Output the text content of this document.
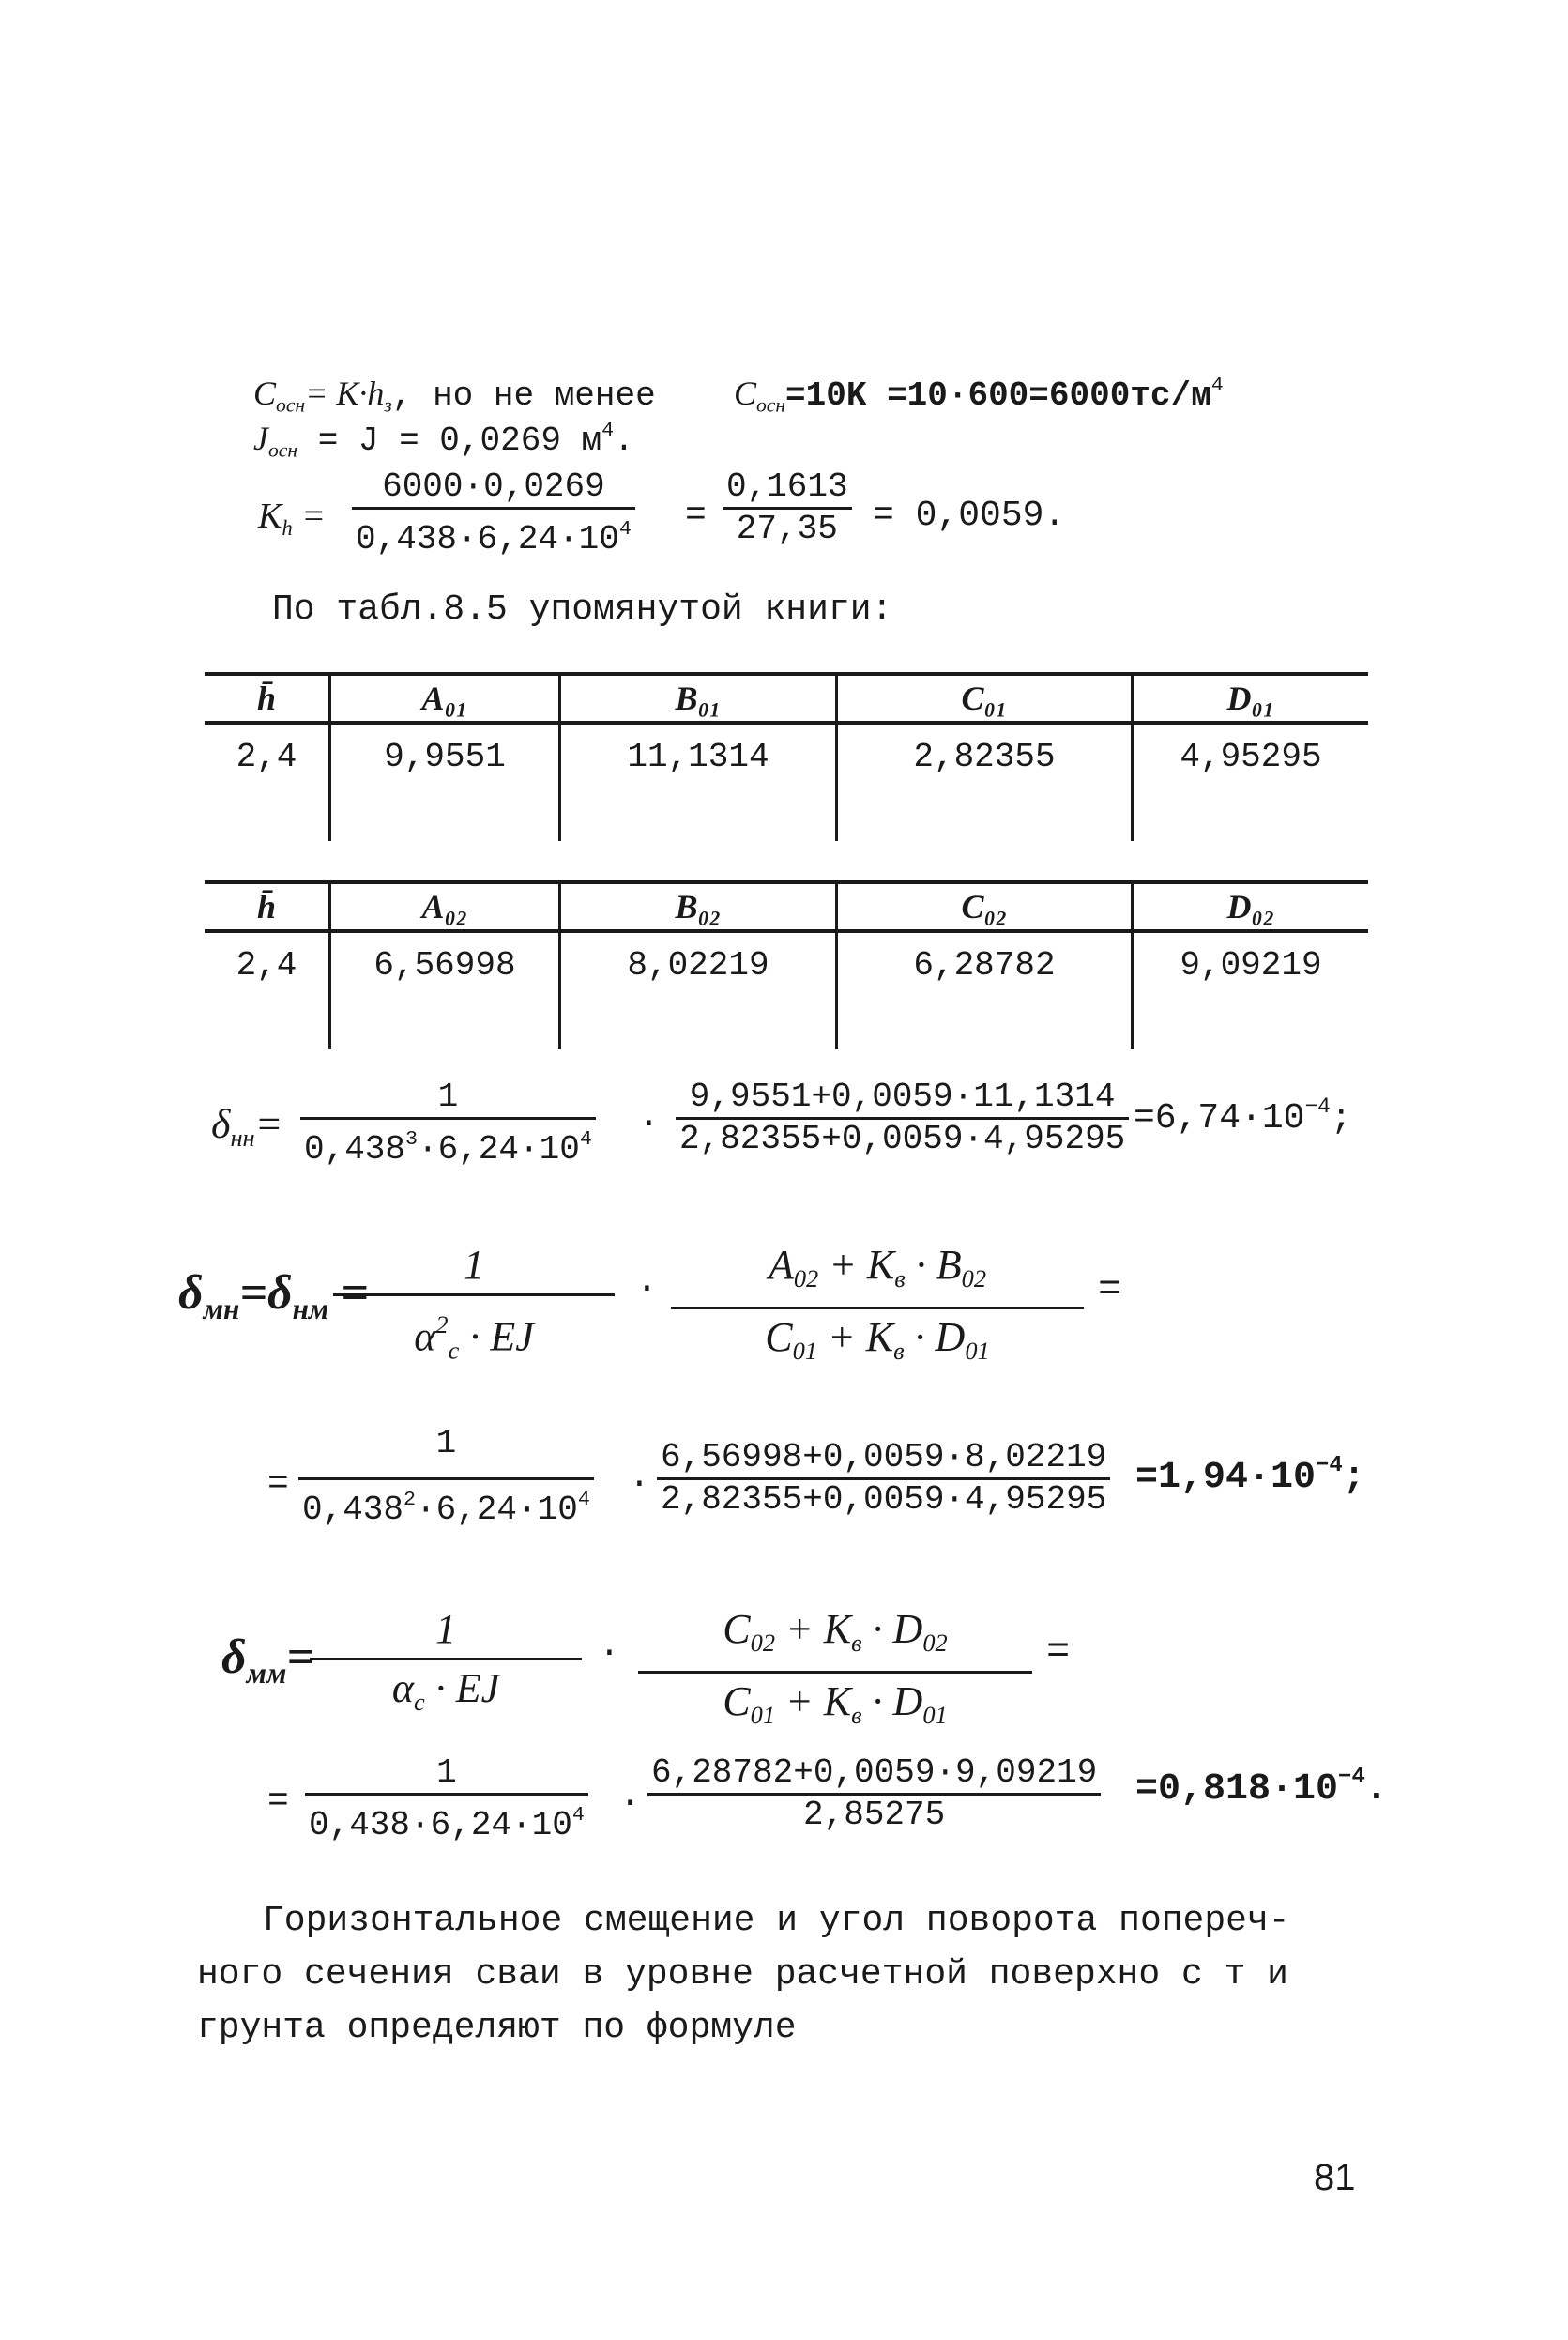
$C_{осн}= K\cdot h_з$, но не менее $C_{осн}=10K =10\cdot 600=6000тс/м^4$
$J_{осн} = J = 0,0269$ $м^4$.
$K_h = \frac{6000\cdot 0,0269}{0,438\cdot 6,24\cdot 10^4} = \frac{0,1613}{27,35} = 0,0059$.
По табл.8.5 упомянутой книги:
h̄	A₀₁	B₀₁	C₀₁	D₀₁
2,4	9,9551	11,1314	2,82355	4,95295
h̄	A₀₂	B₀₂	C₀₂	D₀₂
2,4	6,56998	8,02219	6,28782	9,09219
$\delta_{нн}= \frac{1}{0,438^3\cdot 6,24\cdot 10^4} \cdot \frac{9,9551+0,0059\cdot 11,1314}{2,82355+0,0059\cdot 4,95295} =6,74\cdot 10^{-4}$;
$\delta_{мн}=\delta_{нм}$ =
$\frac{1}{\alpha^2_c \cdot EJ}$ ·
$A_{02} + K_в \cdot B_{02}$
$C_{01} + K_в \cdot D_{01}$
=
= $\frac{1}{0,438^2\cdot 6,24\cdot 10^4} \cdot \frac{6,56998+0,0059\cdot 8,02219}{2,82355+0,0059\cdot 4,95295} =1,94\cdot 10^{-4}$;
$\delta_{мм}=$
$\frac{1}{\alpha_c \cdot EJ}$ ·
$C_{02} + K_в \cdot D_{02}$
$C_{01} + K_в \cdot D_{01}$
=
= $\frac{1}{0,438\cdot 6,24\cdot 10^4} \cdot \frac{6,28782+0,0059\cdot 9,09219}{2,85275} =0,818\cdot 10^{-4}$.
Горизонтальное смещение и угол поворота попереч-
ного сечения сваи в уровне расчетной поверхно с т и
грунта определяют по формуле
81
